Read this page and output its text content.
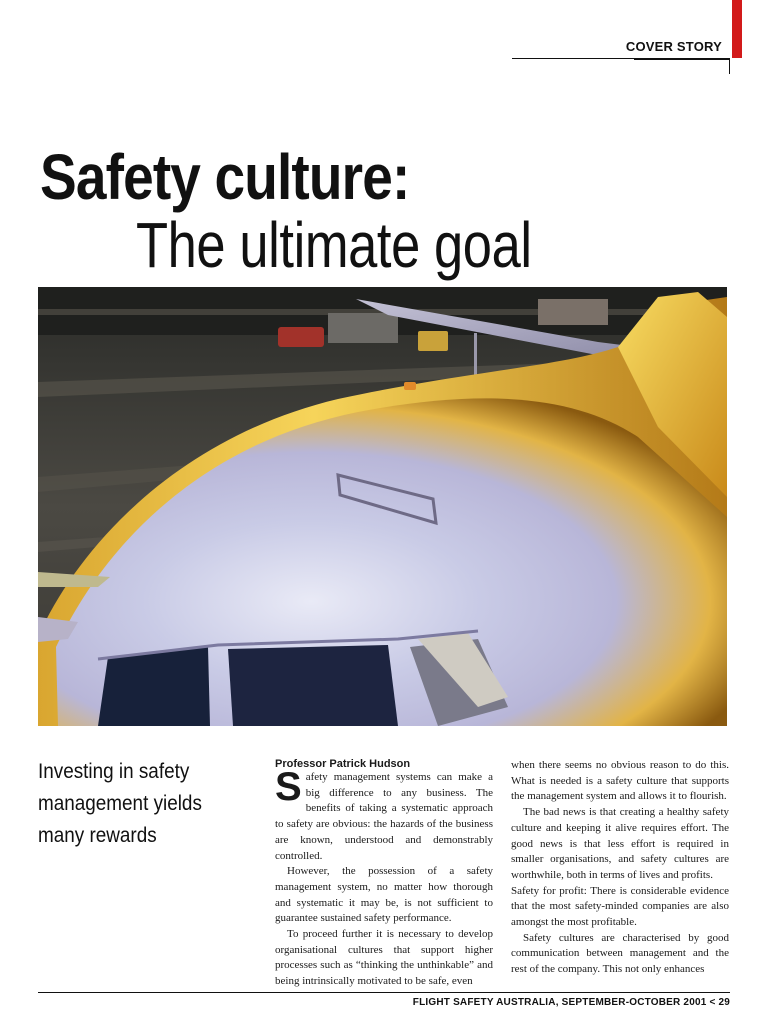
COVER STORY
Safety culture:
The ultimate goal

Investing in safety management yields many rewards

Professor Patrick Hudson

Safety management systems can make a big difference to any business. The benefits of taking a systematic approach to safety are obvious: the hazards of the business are known, understood and demonstrably controlled.

However, the possession of a safety management system, no matter how thorough and systematic it may be, is not sufficient to guarantee sustained safety performance.

To proceed further it is necessary to develop organisational cultures that support higher processes such as “thinking the unthinkable” and being intrinsically motivated to be safe, even

when there seems no obvious reason to do this. What is needed is a safety culture that supports the management system and allows it to flourish.

The bad news is that creating a healthy safety culture and keeping it alive requires effort. The good news is that less effort is required in smaller organisations, and safety cultures are worthwhile, both in terms of lives and profits.

Safety for profit: There is considerable evidence that the most safety-minded companies are also amongst the most profitable.

Safety cultures are characterised by good communication between management and the rest of the company. This not only enhances

FLIGHT SAFETY AUSTRALIA, SEPTEMBER-OCTOBER 2001 < 29
